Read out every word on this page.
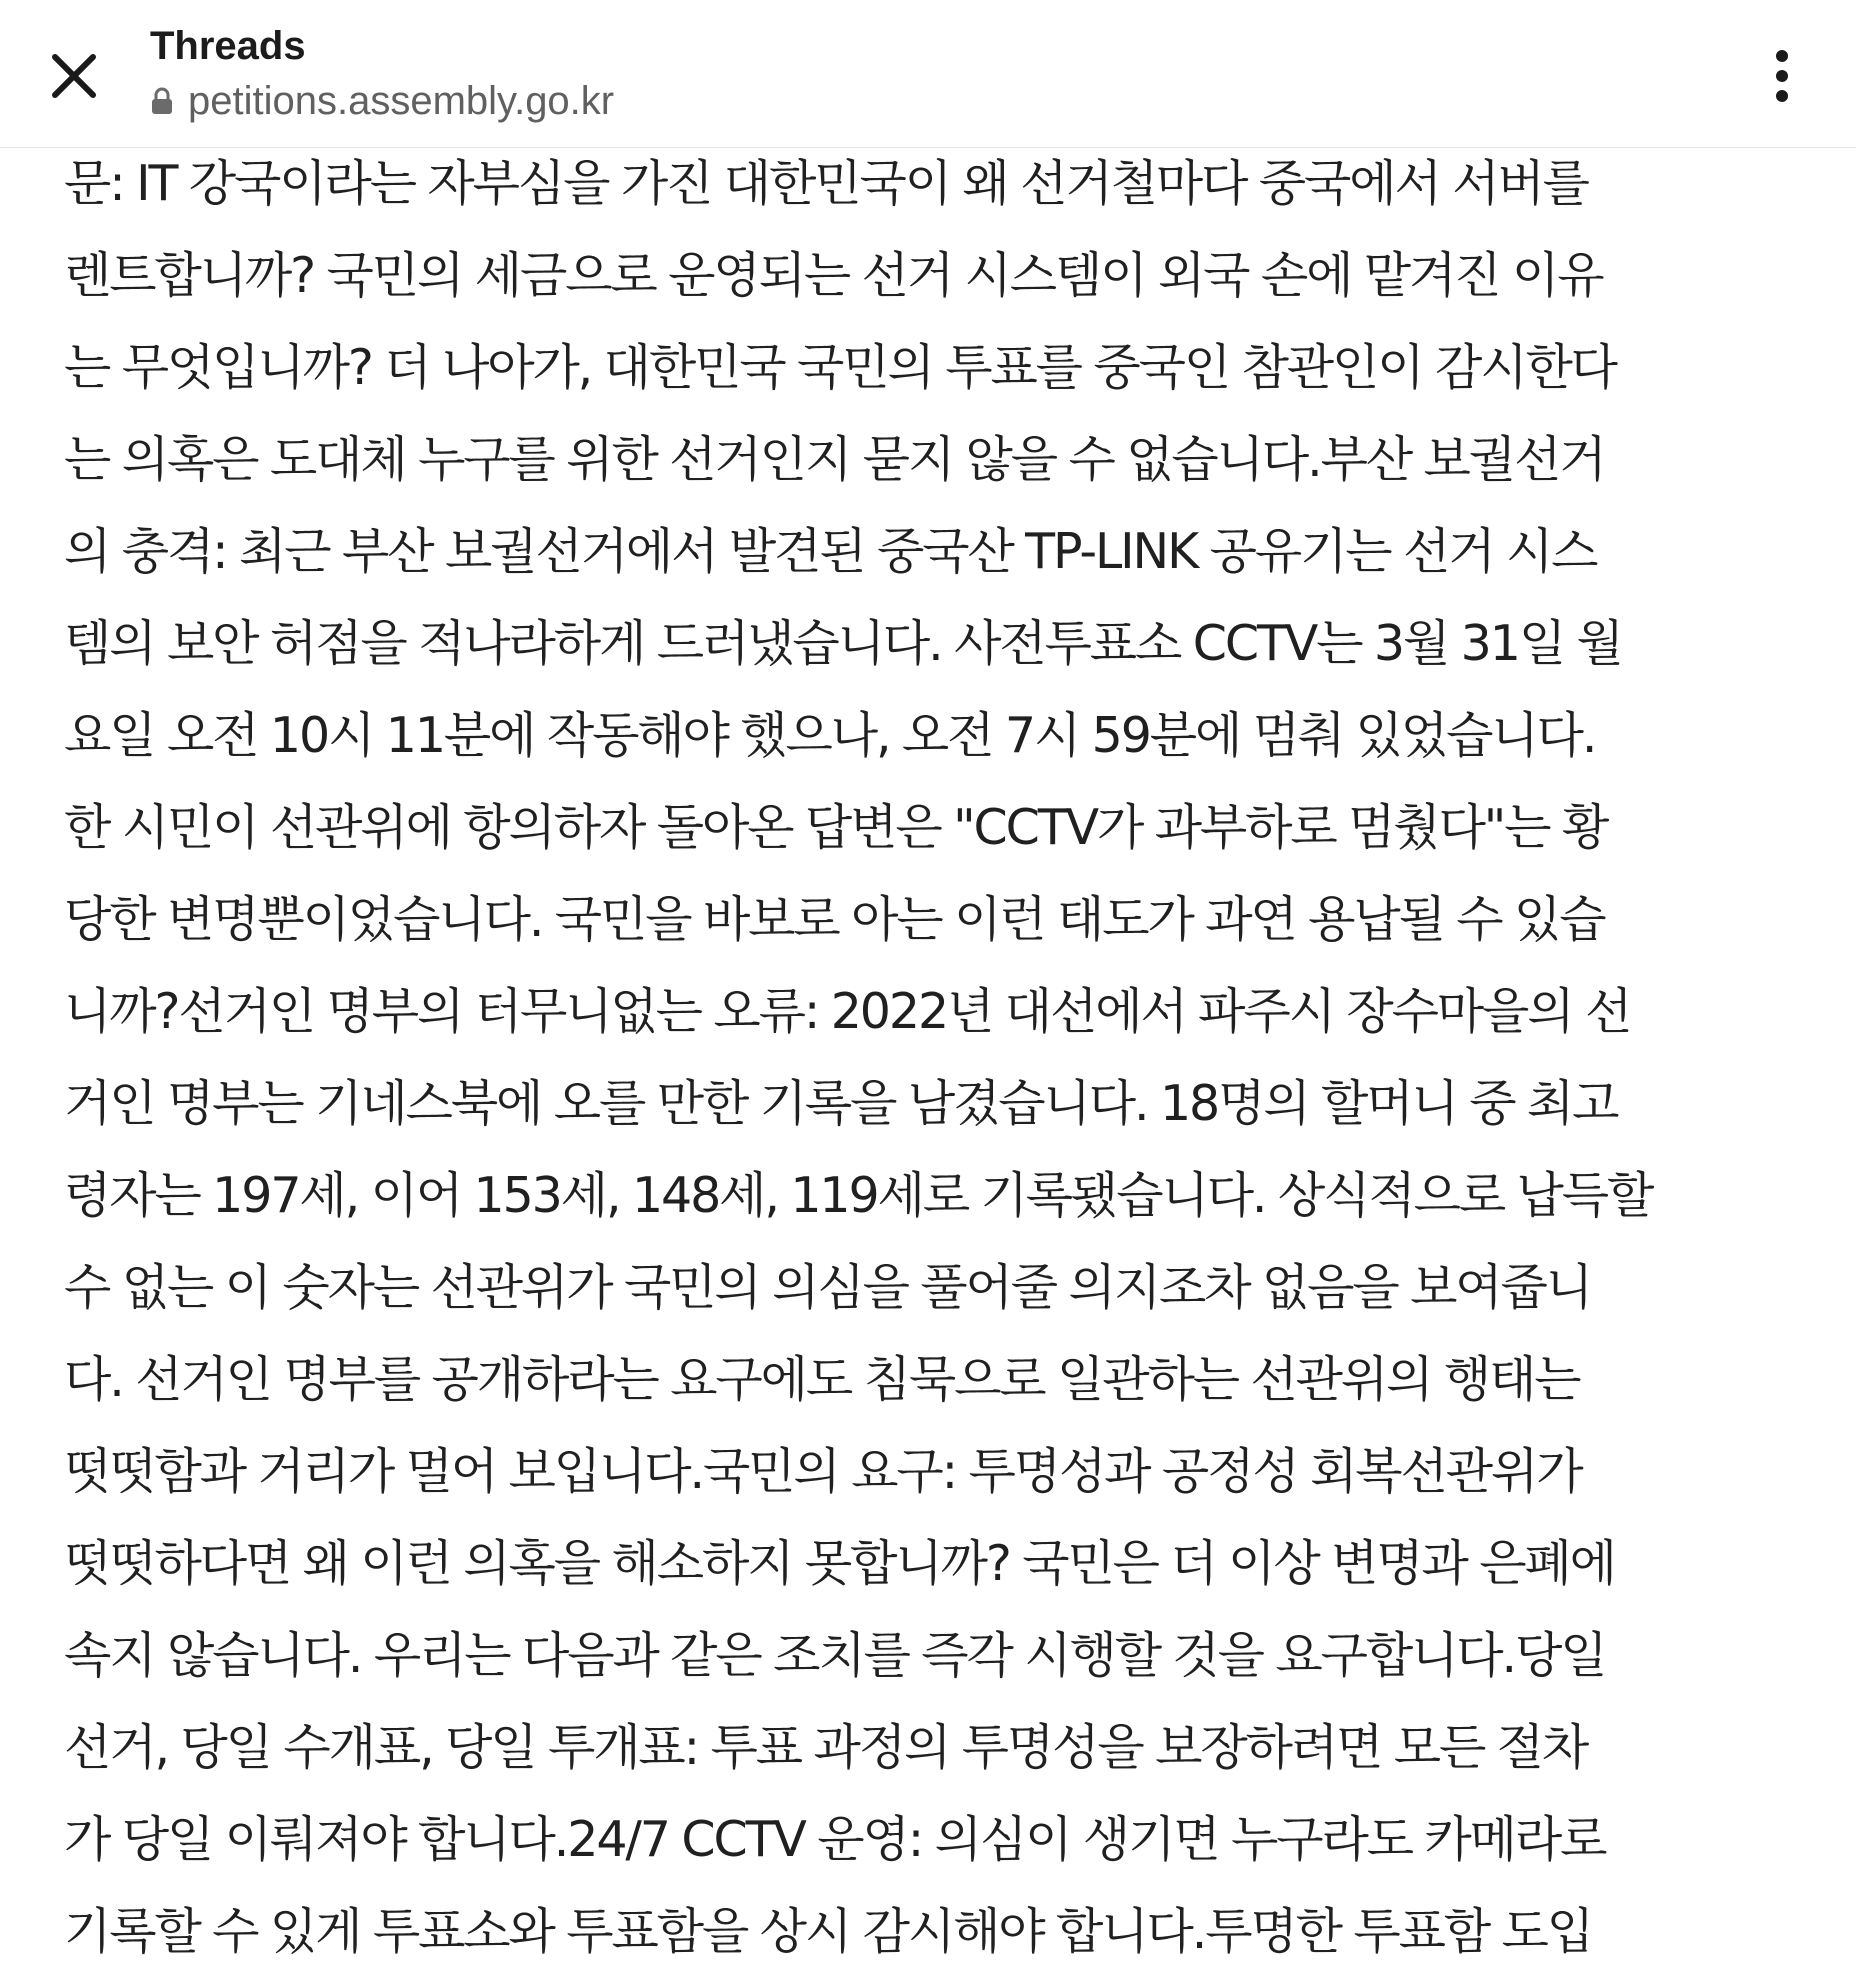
Threads
petitions.assembly.go.kr
문: IT 강국이라는 자부심을 가진 대한민국이 왜 선거철마다 중국에서 서버를
렌트합니까? 국민의 세금으로 운영되는 선거 시스템이 외국 손에 맡겨진 이유
는 무엇입니까? 더 나아가, 대한민국 국민의 투표를 중국인 참관인이 감시한다
는 의혹은 도대체 누구를 위한 선거인지 묻지 않을 수 없습니다.부산 보궐선거
의 충격: 최근 부산 보궐선거에서 발견된 중국산 TP-LINK 공유기는 선거 시스
템의 보안 허점을 적나라하게 드러냈습니다. 사전투표소 CCTV는 3월 31일 월
요일 오전 10시 11분에 작동해야 했으나, 오전 7시 59분에 멈춰 있었습니다.
한 시민이 선관위에 항의하자 돌아온 답변은 "CCTV가 과부하로 멈췄다"는 황
당한 변명뿐이었습니다. 국민을 바보로 아는 이런 태도가 과연 용납될 수 있습
니까?선거인 명부의 터무니없는 오류: 2022년 대선에서 파주시 장수마을의 선
거인 명부는 기네스북에 오를 만한 기록을 남겼습니다. 18명의 할머니 중 최고
령자는 197세, 이어 153세, 148세, 119세로 기록됐습니다. 상식적으로 납득할
수 없는 이 숫자는 선관위가 국민의 의심을 풀어줄 의지조차 없음을 보여줍니
다. 선거인 명부를 공개하라는 요구에도 침묵으로 일관하는 선관위의 행태는
떳떳함과 거리가 멀어 보입니다.국민의 요구: 투명성과 공정성 회복선관위가
떳떳하다면 왜 이런 의혹을 해소하지 못합니까? 국민은 더 이상 변명과 은폐에
속지 않습니다. 우리는 다음과 같은 조치를 즉각 시행할 것을 요구합니다.당일
선거, 당일 수개표, 당일 투개표: 투표 과정의 투명성을 보장하려면 모든 절차
가 당일 이뤄져야 합니다.24/7 CCTV 운영: 의심이 생기면 누구라도 카메라로
기록할 수 있게 투표소와 투표함을 상시 감시해야 합니다.투명한 투표함 도입
